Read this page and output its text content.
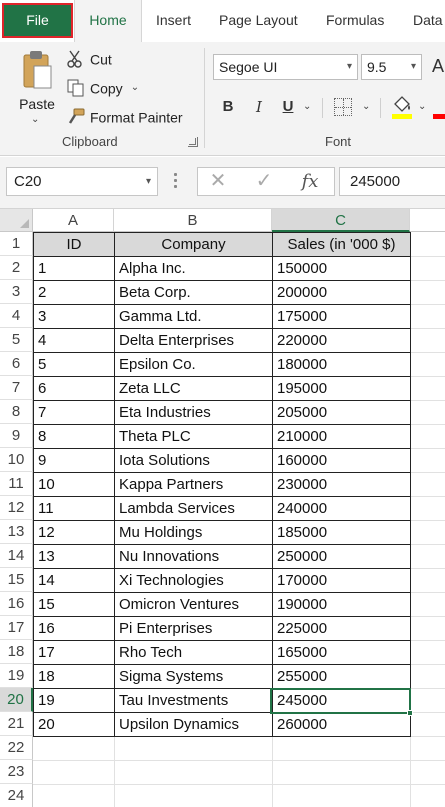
File	Home	Insert Page Layout Formulas Data
Paste
⌄
Cut
Copy ⌄
Format Painter
Clipboard
Segoe UI	▾	9.5 ▾ A
B	I	U ⌄	⌄	⌄
Font
C20	▾	✕	✓	fx	245000
A	B	C
1
2
3
4
5
6
7
8
9
10
11
12
13
14
15
16
17
18
19
20
21
22
23
24
ID	Company	Sales (in '000 $)
1	Alpha Inc.	150000
2	Beta Corp.	200000
3	Gamma Ltd.	175000
4	Delta Enterprises	220000
5	Epsilon Co.	180000
6	Zeta LLC	195000
7	Eta Industries	205000
8	Theta PLC	210000
9	Iota Solutions	160000
10	Kappa Partners	230000
11	Lambda Services	240000
12	Mu Holdings	185000
13	Nu Innovations	250000
14	Xi Technologies	170000
15	Omicron Ventures	190000
16	Pi Enterprises	225000
17	Rho Tech	165000
18	Sigma Systems	255000
19	Tau Investments	245000
20	Upsilon Dynamics	260000
